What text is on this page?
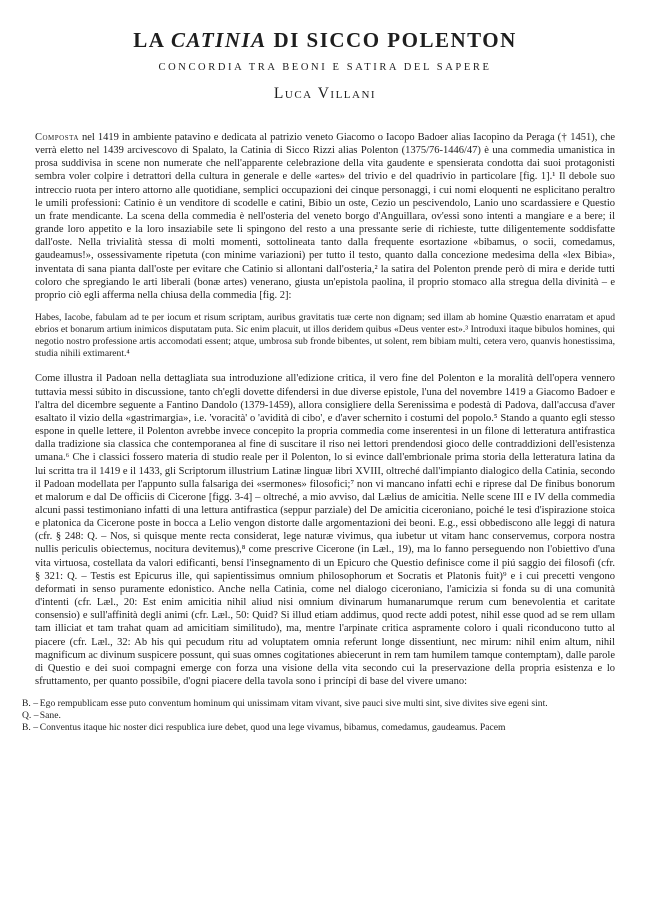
LA CATINIA DI SICCO POLENTON
CONCORDIA TRA BEONI E SATIRA DEL SAPERE
Luca Villani

Composta nel 1419 in ambiente patavino e dedicata al patrizio veneto Giacomo o Iacopo Badoer alias Iacopino da Peraga († 1451), che verrà eletto nel 1439 arcivescovo di Spalato, la Catinia di Sicco Rizzi alias Polenton (1375/76-1446/47) è una commedia umanistica in prosa suddivisa in scene non numerate che nell'apparente celebrazione della vita gaudente e spensierata condotta dai suoi protagonisti sembra voler colpire i detrattori della cultura in generale e delle «artes» del trivio e del quadrivio in particolare [fig. 1].¹ Il debole suo intreccio ruota per intero attorno alle quotidiane, semplici occupazioni dei cinque personaggi, i cui nomi eloquenti ne esplicitano peraltro le umili professioni: Catinio è un venditore di scodelle e catini, Bibio un oste, Cezio un pescivendolo, Lanio uno scardassiere e Questio un frate mendicante. La scena della commedia è nell'osteria del veneto borgo d'Anguillara, ov'essi sono intenti a mangiare e a bere; il grande loro appetito e la loro insaziabile sete li spingono del resto a una pressante serie di richieste, tutte diligentemente soddisfatte dall'oste. Nella trivialità stessa di molti momenti, sottolineata tanto dalla frequente esortazione «bibamus, o socii, comedamus, gaudeamus!», ossessivamente ripetuta (con minime variazioni) per tutto il testo, quanto dalla concezione medesima della «lex Bibia», inventata di sana pianta dall'oste per evitare che Catinio si allontani dall'osteria,² la satira del Polenton prende però di mira e deride tutti coloro che spregiando le arti liberali (bonæ artes) venerano, giusta un'epistola paolina, il proprio stomaco alla stregua della divinità – e proprio ciò egli afferma nella chiusa della commedia [fig. 2]:

Habes, Iacobe, fabulam ad te per iocum et risum scriptam, auribus gravitatis tuæ certe non dignam; sed illam ab homine Quæstio enarratam et apud ebrios et bonarum artium inimicos disputatam puta. Sic enim placuit, ut illos deridem quibus «Deus venter est».³ Introduxi itaque bibulos homines, qui negotio nostro professione artis accomodati essent; atque, umbrosa sub fronde bibentes, ut solent, rem bibiam multi, cetera vero, quanvis honestissima, studia nihili extimarent.⁴

Come illustra il Padoan nella dettagliata sua introduzione all'edizione critica, il vero fine del Polenton e la moralità dell'opera vennero tuttavia messi súbito in discussione, tanto ch'egli dovette difendersi in due diverse epistole, l'una del novembre 1419 a Giacomo Badoer e l'altra del dicembre seguente a Fantino Dandolo (1379-1459), allora consigliere della Serenissima e podestà di Padova, dall'accusa d'aver esaltato il vizio della «gastrimargia», i.e. 'voracità' o 'avidità di cibo', e d'aver schernito i costumi del popolo.⁵ Stando a quanto egli stesso espone in quelle lettere, il Polenton avrebbe invece concepito la propria commedia come inserentesi in un filone di letteratura antifrastica dalla tradizione sia classica che contemporanea al fine di suscitare il riso nei lettori prendendosi gioco delle contraddizioni dell'esistenza umana.⁶ Che i classici fossero materia di studio reale per il Polenton, lo si evince dall'embrionale prima storia della letteratura latina da lui scritta tra il 1419 e il 1433, gli Scriptorum illustrium Latinæ linguæ libri XVIII, oltreché dall'impianto dialogico della Catinia, secondo il Padoan modellata per l'appunto sulla falsariga dei «sermones» filosofici;⁷ non vi mancano infatti echi e riprese dal De finibus bonorum et malorum e dal De officiis di Cicerone [figg. 3-4] – oltreché, a mio avviso, dal Lælius de amicitia. Nelle scene III e IV della commedia alcuni passi testimoniano infatti di una lettura antifrastica (seppur parziale) del De amicitia ciceroniano, poiché le tesi d'ispirazione stoica e platonica da Cicerone poste in bocca a Lelio vengon distorte dalle argomentazioni dei beoni. E.g., essi obbediscono alle leggi di natura (cfr. § 248: Q. – Nos, si quisque mente recta considerat, lege naturæ vivimus, qua iubetur ut vitam hanc conservemus, corpora nostra nullis periculis obiectemus, nocitura devitemus),⁸ come prescrive Cicerone (in Læl., 19), ma lo fanno perseguendo non l'obiettivo d'una vita virtuosa, costellata da valori edificanti, bensí l'insegnamento di un Epicuro che Questio definisce come il piú saggio dei filosofi (cfr. § 321: Q. – Testis est Epicurus ille, qui sapientissimus omnium philosophorum et Socratis et Platonis fuit)⁹ e i cui precetti vengono deformati in senso puramente edonistico. Anche nella Catinia, come nel dialogo ciceroniano, l'amicizia si fonda su di una comunità d'intenti (cfr. Læl., 20: Est enim amicitia nihil aliud nisi omnium divinarum humanarumque rerum cum benevolentia et caritate consensio) e sull'affinità degli animi (cfr. Læl., 50: Quid? Si illud etiam addimus, quod recte addi potest, nihil esse quod ad se rem ullam tam illiciat et tam trahat quam ad amicitiam similitudo), ma, mentre l'arpinate critica aspramente coloro i quali riconducono tutto al piacere (cfr. Læl., 32: Ab his qui pecudum ritu ad voluptatem omnia referunt longe dissentiunt, nec mirum: nihil enim altum, nihil magnificum ac divinum suspicere possunt, qui suas omnes cogitationes abiecerunt in rem tam humilem tamque contemptam), dalle parole di Questio e dei suoi compagni emerge con forza una visione della vita secondo cui la preservazione della propria esistenza e lo sfruttamento, per quanto possibile, d'ogni piacere della tavola sono i princípi di base del vivere umano:

B. –Ego rempublicam esse puto conventum hominum qui unissimam vitam vivant, sive pauci sive multi sint, sive divites sive egeni sint.

Q. –Sane.

B. –Conventus itaque hic noster dici respublica iure debet, quod una lege vivamus, bibamus, comedamus, gaudeamus. Pacem
